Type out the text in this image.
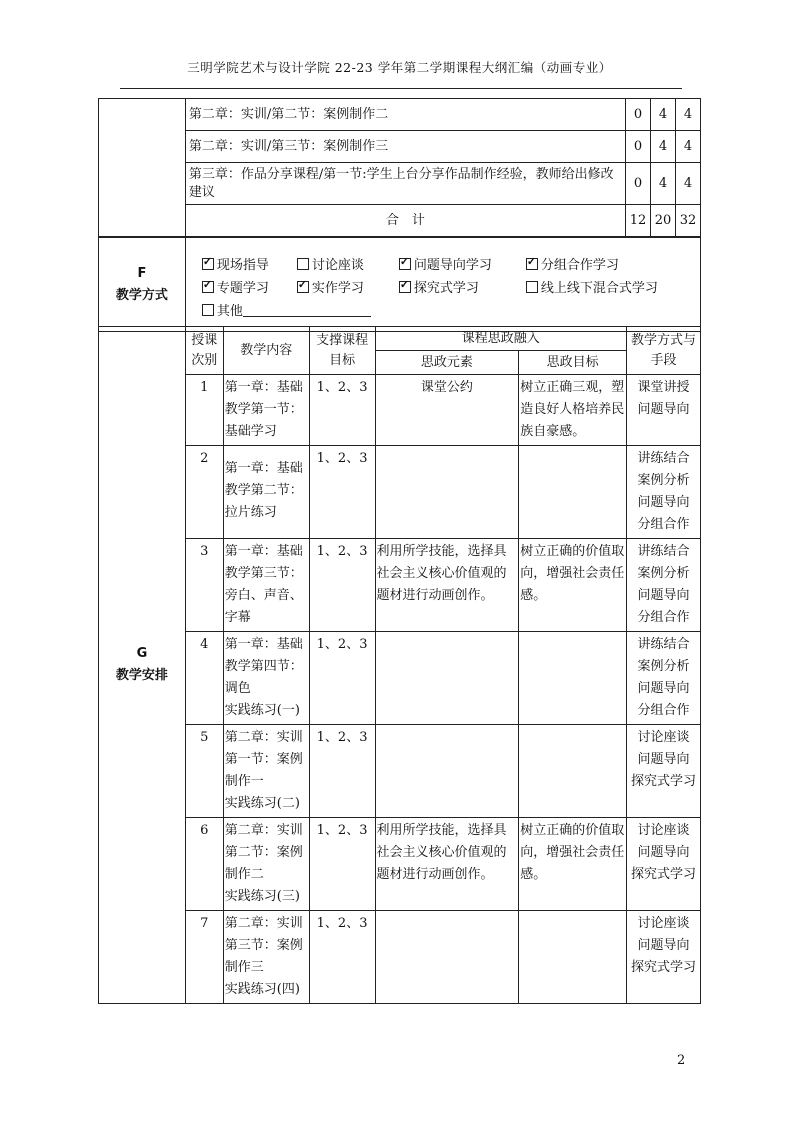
三明学院艺术与设计学院 22-23 学年第二学期课程大纲汇编（动画专业）
	第二章：实训/第二节：案例制作二	0	4	4
	第二章：实训/第三节：案例制作三	0	4	4
	第三章：作品分享课程/第一节:学生上台分享作品制作经验，教师给出修改建议	0	4	4
	合　计	12	20	32
F
教学方式

✓现场指导	讨论座谈 ✓	问题导向学习 ✓	分组合作学习
✓专题学习 ✓	实作学习 ✓	探究式学习	线上线下混合式学习
其他
G
教学安排	授课次别	教学内容	支撑课程目标	课程思政融入		教学方式与手段
				思政元素	思政目标	
	1	第一章：基础教学第一节：基础学习	1、2、3	课堂公约	树立正确三观，塑造良好人格培养民族自豪感。	课堂讲授
问题导向
	2	第一章：基础教学第二节：拉片练习	1、2、3			讲练结合
案例分析
问题导向
分组合作
	3	第一章：基础教学第三节：旁白、声音、字幕	1、2、3	利用所学技能，选择具社会主义核心价值观的题材进行动画创作。	树立正确的价值取向，增强社会责任感。	讲练结合
案例分析
问题导向
分组合作
	4	第一章：基础教学第四节：调色
实践练习(一)	1、2、3			讲练结合
案例分析
问题导向
分组合作
	5	第二章：实训第一节：案例制作一
实践练习(二)	1、2、3			讨论座谈
问题导向
探究式学习
	6	第二章：实训第二节：案例制作二
实践练习(三)	1、2、3	利用所学技能，选择具社会主义核心价值观的题材进行动画创作。	树立正确的价值取向，增强社会责任感。	讨论座谈
问题导向
探究式学习
	7	第二章：实训第三节：案例制作三
实践练习(四)	1、2、3			讨论座谈
问题导向
探究式学习
2
